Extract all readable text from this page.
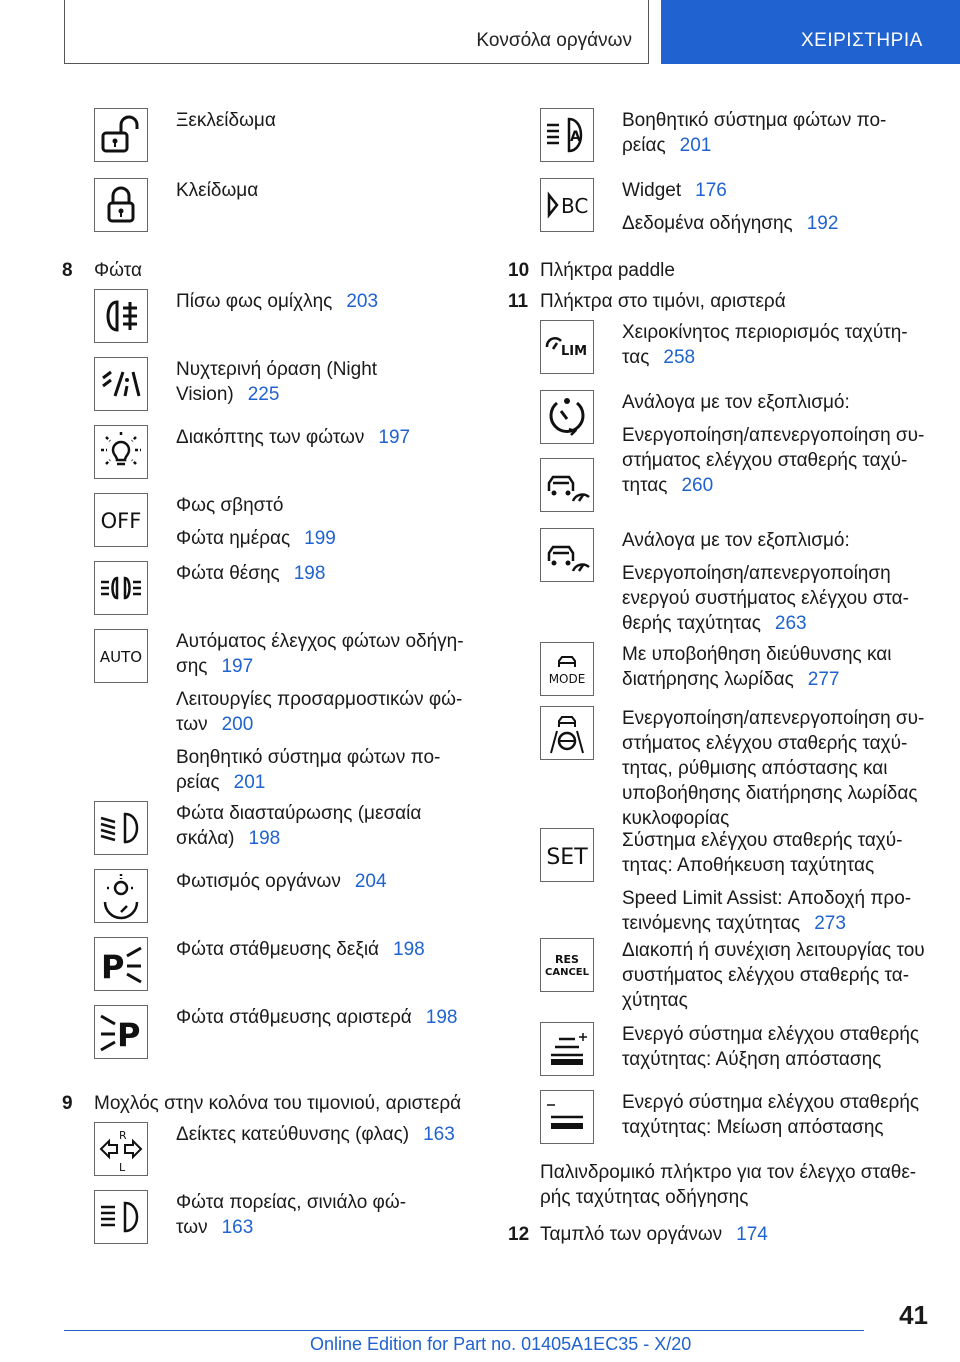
Κονσόλα οργάνων	ΧΕΙΡΙΣΤΗΡΙΑ
Ξεκλείδωμα
Κλείδωμα
8	Φώτα
Πίσω φως ομίχλης 203
Νυχτερινή όραση (Night Vision) 225
Διακόπτης των φώτων 197
OFF
Φως σβηστό
Φώτα ημέρας 199
Φώτα θέσης 198
AUTO
Αυτόματος έλεγχος φώτων οδήγη-σης 197
Λειτουργίες προσαρμοστικών φώ-των 200
Βοηθητικό σύστημα φώτων πο-ρείας 201
Φώτα διασταύρωσης (μεσαία σκάλα) 198
Φωτισμός οργάνων 204
P	Φώτα στάθμευσης δεξιά 198
P Φώτα στάθμευσης αριστερά 198
9	Μοχλός στην κολόνα του τιμονιού, αριστερά
R
L
Δείκτες κατεύθυνσης (φλας) 163
Φώτα πορείας, σινιάλο φώ-των 163
A
Βοηθητικό σύστημα φώτων πο-ρείας 201
BC
Widget 176
Δεδομένα οδήγησης 192
10 Πλήκτρα paddle
11 Πλήκτρα στο τιμόνι, αριστερά
LIM
Χειροκίνητος περιορισμός ταχύτη-τας 258
Ανάλογα με τον εξοπλισμό:
Ενεργοποίηση/απενεργοποίηση συ-στήματος ελέγχου σταθερής ταχύ-τητας 260
Ανάλογα με τον εξοπλισμό:
Ενεργοποίηση/απενεργοποίηση ενεργού συστήματος ελέγχου στα-θερής ταχύτητας 263
MODE
Με υποβοήθηση διεύθυνσης και διατήρησης λωρίδας 277
Ενεργοποίηση/απενεργοποίηση συ-στήματος ελέγχου σταθερής ταχύ-τητας, ρύθμισης απόστασης και υποβοήθησης διατήρησης λωρίδας κυκλοφορίας
SET
Σύστημα ελέγχου σταθερής ταχύ-τητας: Αποθήκευση ταχύτητας
Speed Limit Assist: Αποδοχή προ-τεινόμενης ταχύτητας 273
RES
CANCEL
Διακοπή ή συνέχιση λειτουργίας του συστήματος ελέγχου σταθερής τα-χύτητας
Ενεργό σύστημα ελέγχου σταθερής ταχύτητας: Αύξηση απόστασης
Ενεργό σύστημα ελέγχου σταθερής ταχύτητας: Μείωση απόστασης
Παλινδρομικό πλήκτρο για τον έλεγχο σταθε-ρής ταχύτητας οδήγησης
12 Ταμπλό των οργάνων 174
41
Online Edition for Part no. 01405A1EC35 - X/20
